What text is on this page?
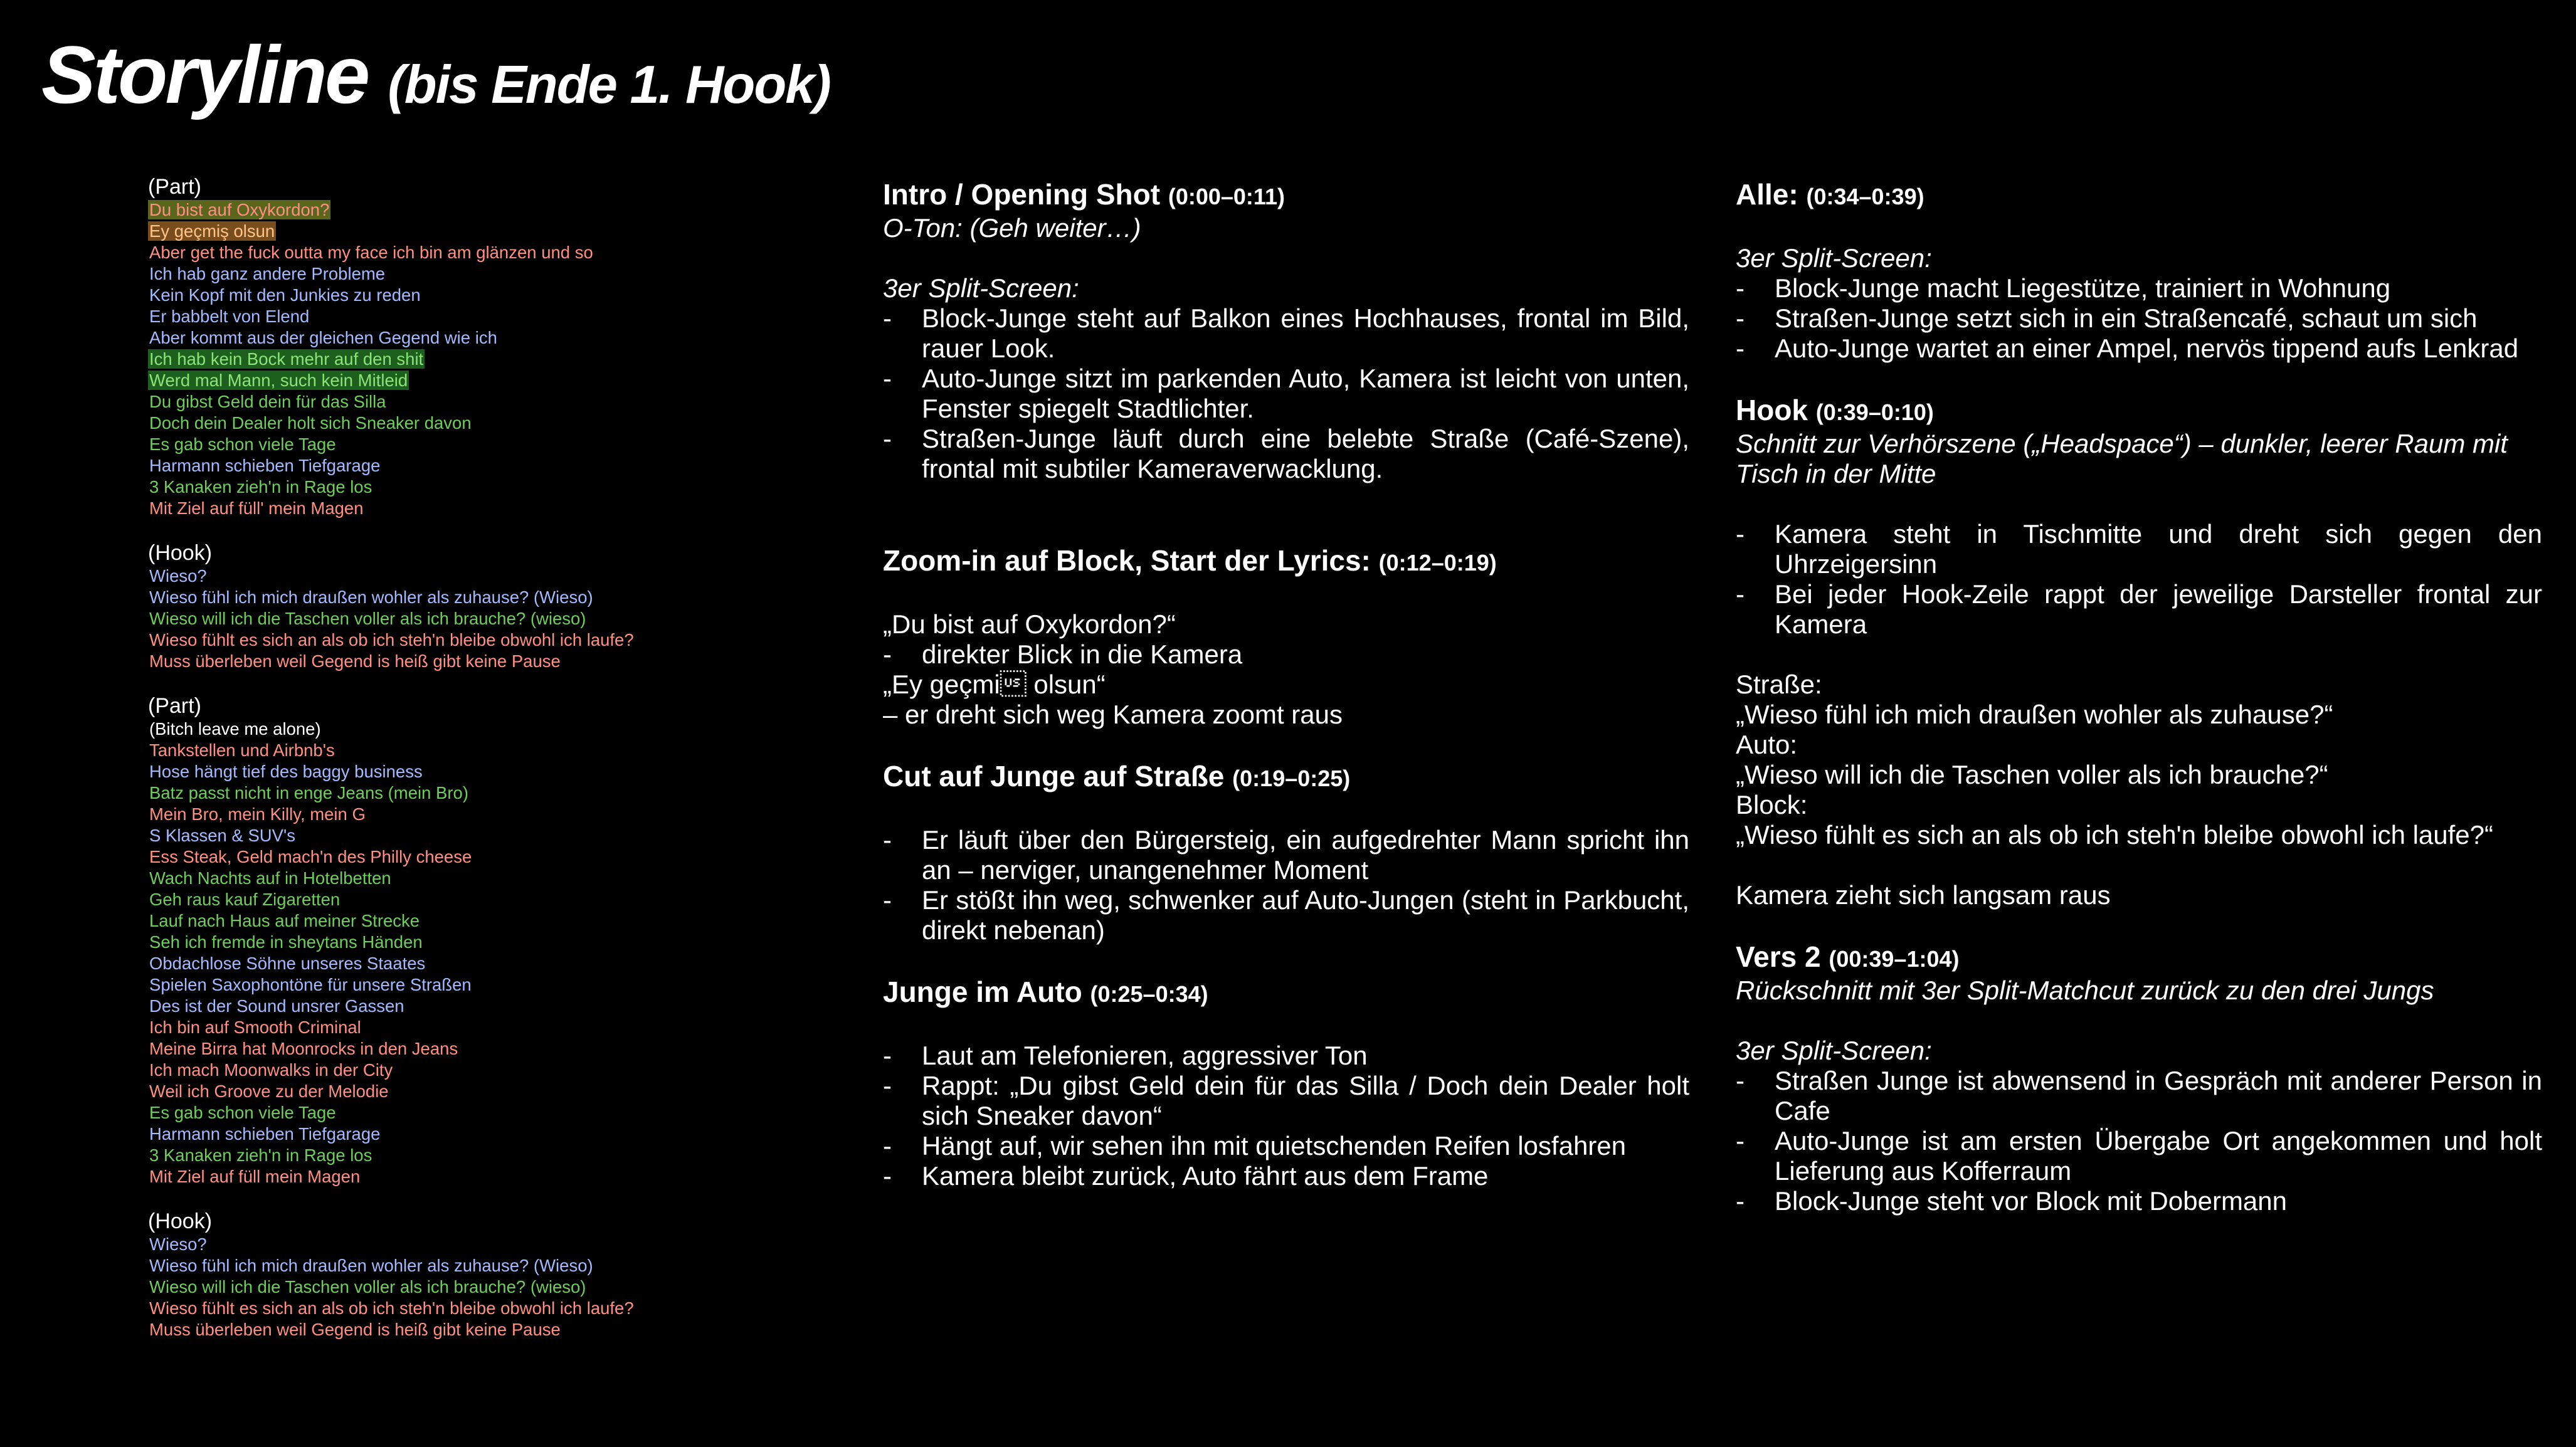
Storyline (bis Ende 1. Hook)
(Part)
Du bist auf Oxykordon?
Ey geçmiş olsun
Aber get the fuck outta my face ich bin am glänzen und so
Ich hab ganz andere Probleme
Kein Kopf mit den Junkies zu reden
Er babbelt von Elend
Aber kommt aus der gleichen Gegend wie ich
Ich hab kein Bock mehr auf den shit
Werd mal Mann, such kein Mitleid
Du gibst Geld dein für das Silla
Doch dein Dealer holt sich Sneaker davon
Es gab schon viele Tage
Harmann schieben Tiefgarage
3 Kanaken zieh'n in Rage los
Mit Ziel auf füll' mein Magen
(Hook)
Wieso?
Wieso fühl ich mich draußen wohler als zuhause? (Wieso)
Wieso will ich die Taschen voller als ich brauche? (wieso)
Wieso fühlt es sich an als ob ich steh'n bleibe obwohl ich laufe?
Muss überleben weil Gegend is heiß gibt keine Pause
(Part)
(Bitch leave me alone)
Tankstellen und Airbnb's
Hose hängt tief des baggy business
Batz passt nicht in enge Jeans (mein Bro)
Mein Bro, mein Killy, mein G
S Klassen & SUV's
Ess Steak, Geld mach'n des Philly cheese
Wach Nachts auf in Hotelbetten
Geh raus kauf Zigaretten
Lauf nach Haus auf meiner Strecke
Seh ich fremde in sheytans Händen
Obdachlose Söhne unseres Staates
Spielen Saxophontöne für unsere Straßen
Des ist der Sound unsrer Gassen
Ich bin auf Smooth Criminal
Meine Birra hat Moonrocks in den Jeans
Ich mach Moonwalks in der City
Weil ich Groove zu der Melodie
Es gab schon viele Tage
Harmann schieben Tiefgarage
3 Kanaken zieh'n in Rage los
Mit Ziel auf füll mein Magen
(Hook)
Wieso?
Wieso fühl ich mich draußen wohler als zuhause? (Wieso)
Wieso will ich die Taschen voller als ich brauche? (wieso)
Wieso fühlt es sich an als ob ich steh'n bleibe obwohl ich laufe?
Muss überleben weil Gegend is heiß gibt keine Pause

Intro / Opening Shot (0:00–0:11)

O-Ton: (Geh weiter…)

3er Split-Screen:

- Block-Junge steht auf Balkon eines Hochhauses, frontal im Bild, rauer Look.
- Auto-Junge sitzt im parkenden Auto, Kamera ist leicht von unten, Fenster spiegelt Stadtlichter.
- Straßen-Junge läuft durch eine belebte Straße (Café-Szene), frontal mit subtiler Kameraverwacklung.

Zoom-in auf Block, Start der Lyrics: (0:12–0:19)

„Du bist auf Oxykordon?“

- direkter Blick in die Kamera

„Ey geçmi olsun“

– er dreht sich weg Kamera zoomt raus

Cut auf Junge auf Straße (0:19–0:25)

- Er läuft über den Bürgersteig, ein aufgedrehter Mann spricht ihn an – nerviger, unangenehmer Moment
- Er stößt ihn weg, schwenker auf Auto-Jungen (steht in Parkbucht, direkt nebenan)

Junge im Auto (0:25–0:34)

- Laut am Telefonieren, aggressiver Ton
- Rappt: „Du gibst Geld dein für das Silla / Doch dein Dealer holt sich Sneaker davon“
- Hängt auf, wir sehen ihn mit quietschenden Reifen losfahren
- Kamera bleibt zurück, Auto fährt aus dem Frame

Alle: (0:34–0:39)

3er Split-Screen:

- Block-Junge macht Liegestütze, trainiert in Wohnung
- Straßen-Junge setzt sich in ein Straßencafé, schaut um sich
- Auto-Junge wartet an einer Ampel, nervös tippend aufs Lenkrad

Hook (0:39–0:10)

Schnitt zur Verhörszene („Headspace“) – dunkler, leerer Raum mit Tisch in der Mitte

- Kamera steht in Tischmitte und dreht sich gegen den Uhrzeigersinn
- Bei jeder Hook-Zeile rappt der jeweilige Darsteller frontal zur Kamera

Straße:

„Wieso fühl ich mich draußen wohler als zuhause?“

Auto:

„Wieso will ich die Taschen voller als ich brauche?“

Block:

„Wieso fühlt es sich an als ob ich steh'n bleibe obwohl ich laufe?“

Kamera zieht sich langsam raus

Vers 2 (00:39–1:04)

Rückschnitt mit 3er Split-Matchcut zurück zu den drei Jungs

3er Split-Screen:

- Straßen Junge ist abwensend in Gespräch mit anderer Person in Cafe
- Auto-Junge ist am ersten Übergabe Ort angekommen und holt Lieferung aus Kofferraum
- Block-Junge steht vor Block mit Dobermann
